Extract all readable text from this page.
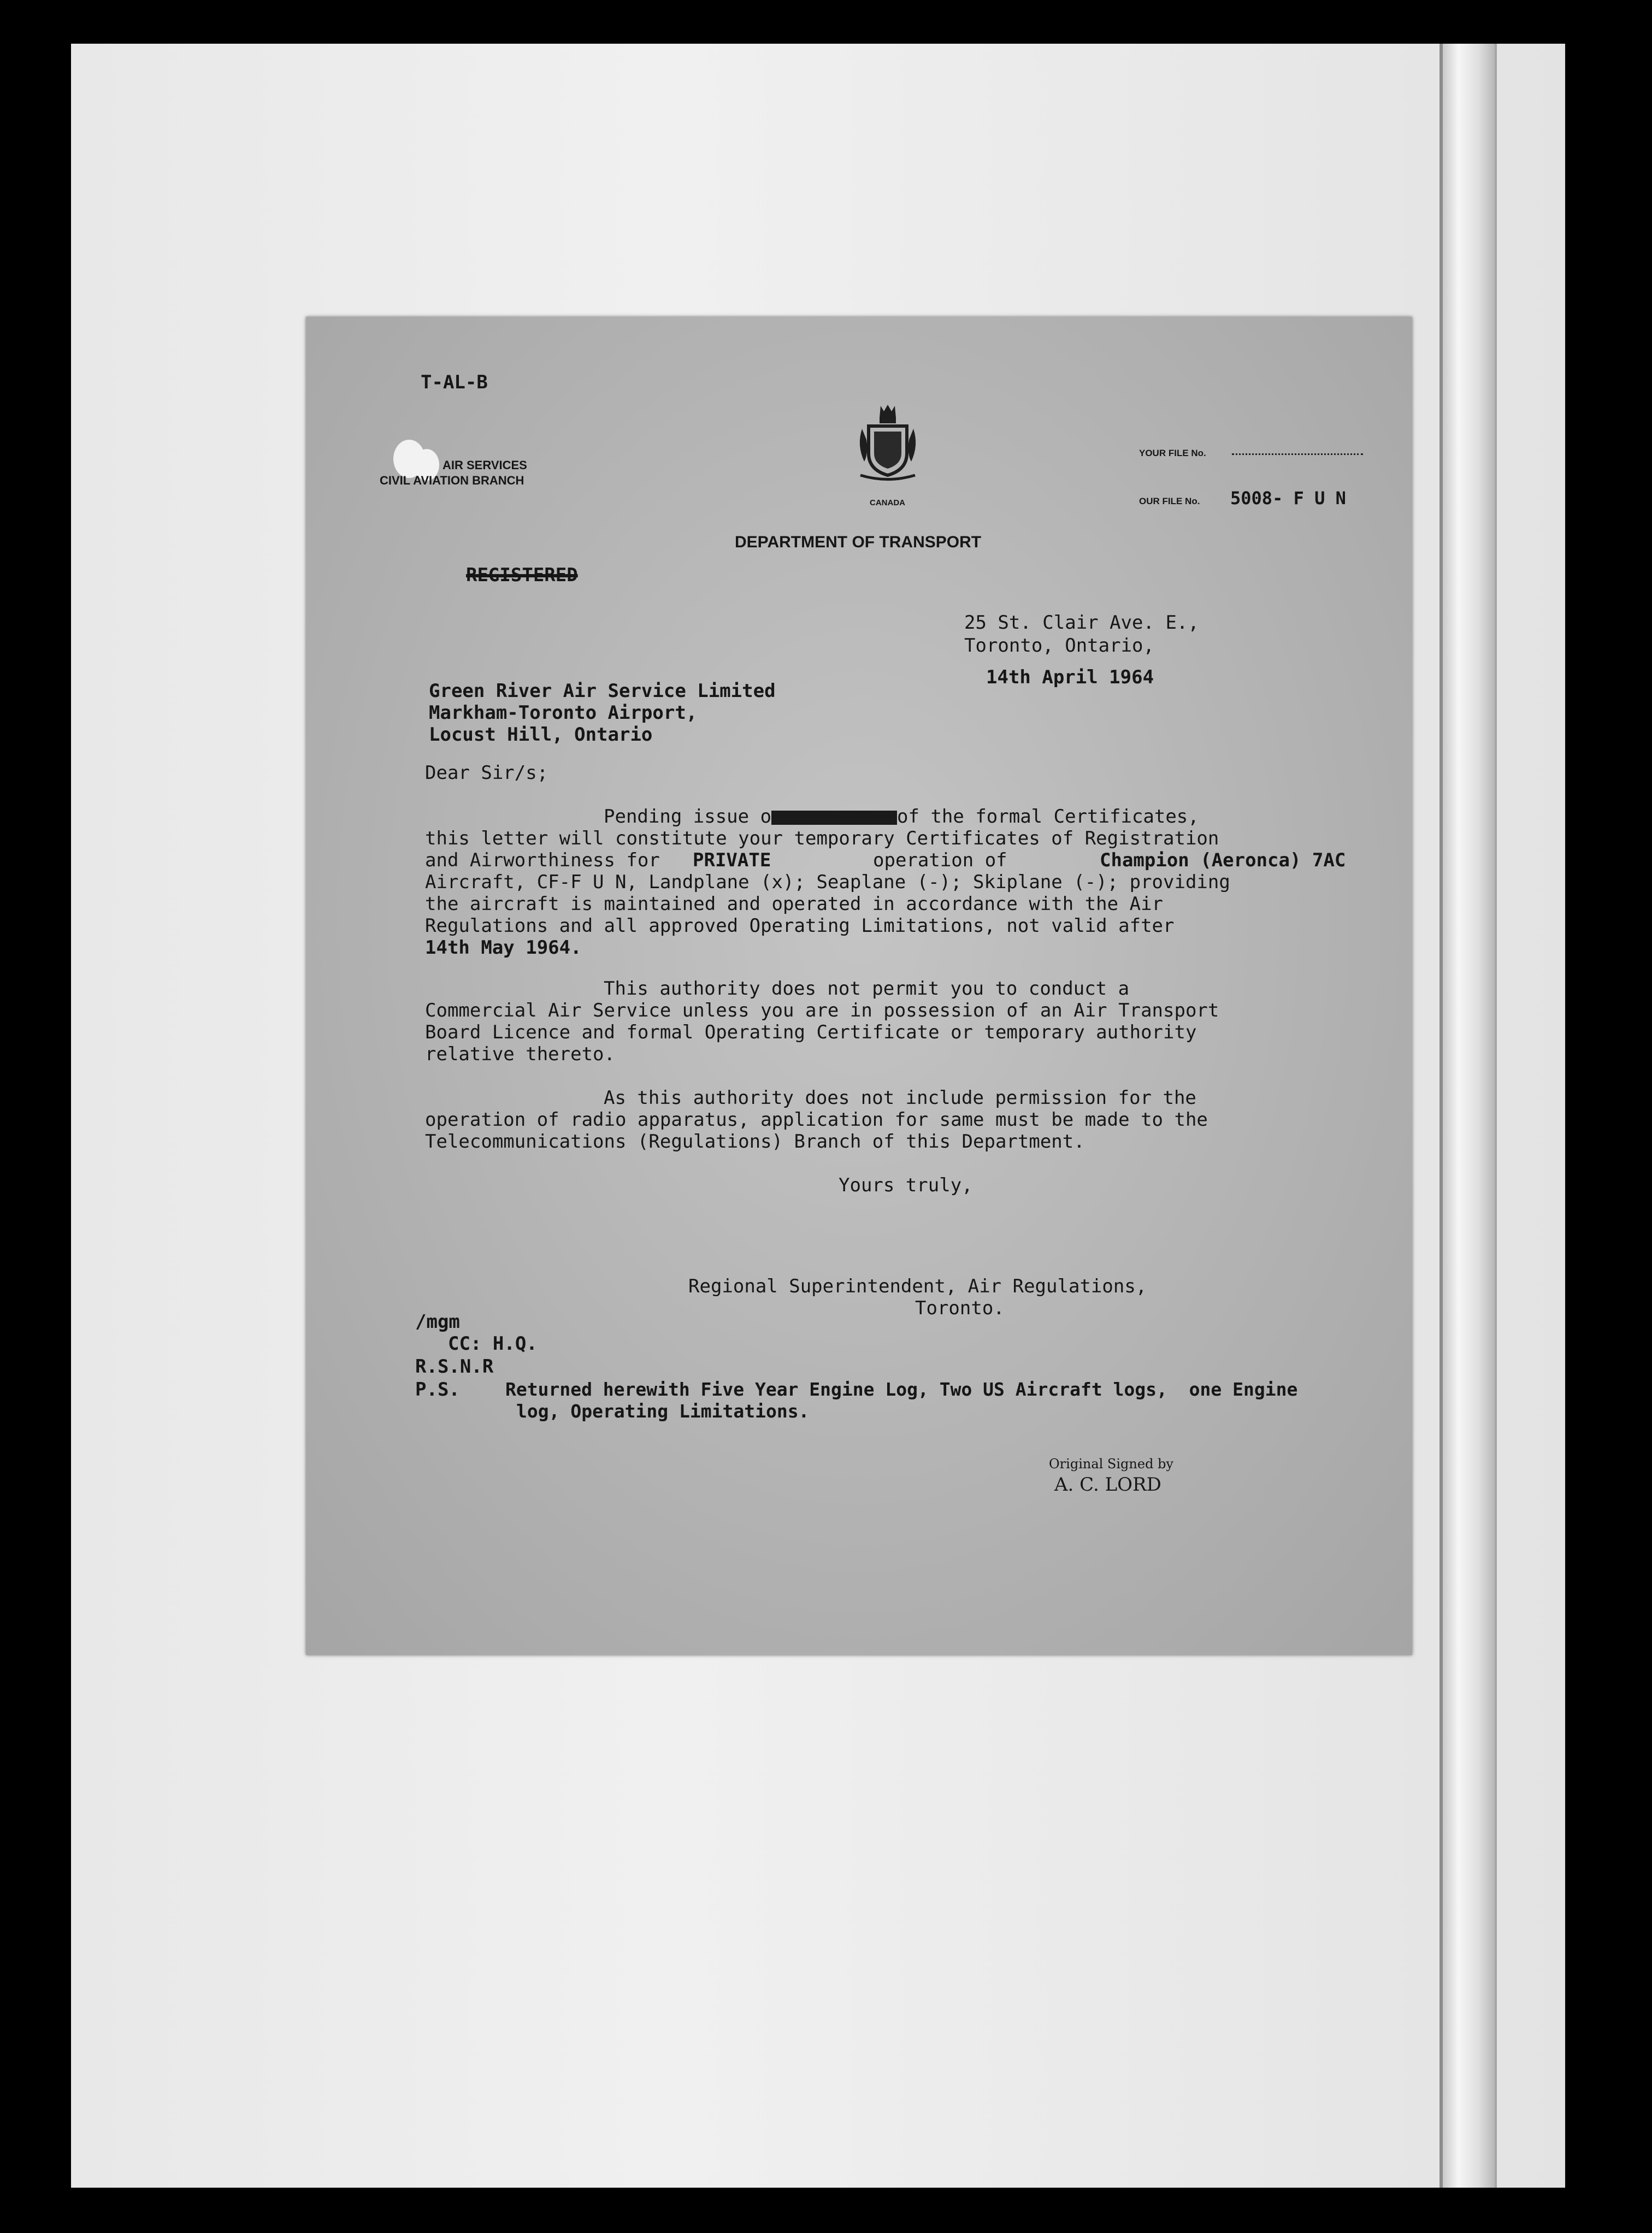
T-AL-B
AIR SERVICES
CIVIL AVIATION BRANCH
CANADA
DEPARTMENT OF TRANSPORT
YOUR FILE No.
OUR FILE No. 5008- F U N
REGISTERED
25 St. Clair Ave. E.,
Toronto, Ontario,
14th April 1964
Green River Air Service Limited
Markham-Toronto Airport,
Locust Hill, Ontario
Dear Sir/s;
Pending issue o	of the formal Certificates,
this letter will constitute your temporary Certificates of Registration
and Airworthiness for PRIVATE	operation of	Champion (Aeronca) 7AC
Aircraft, CF-F U N, Landplane (x); Seaplane (-); Skiplane (-); providing
the aircraft is maintained and operated in accordance with the Air
Regulations and all approved Operating Limitations, not valid after
14th May 1964.
This authority does not permit you to conduct a
Commercial Air Service unless you are in possession of an Air Transport
Board Licence and formal Operating Certificate or temporary authority
relative thereto.
As this authority does not include permission for the
operation of radio apparatus, application for same must be made to the
Telecommunications (Regulations) Branch of this Department.
Yours truly,
Regional Superintendent, Air Regulations,
Toronto.
/mgm
CC: H.Q.
R.S.N.R
P.S.	Returned herewith Five Year Engine Log, Two US Aircraft logs,  one Engine
log, Operating Limitations.
Original Signed by
A. C. LORD
